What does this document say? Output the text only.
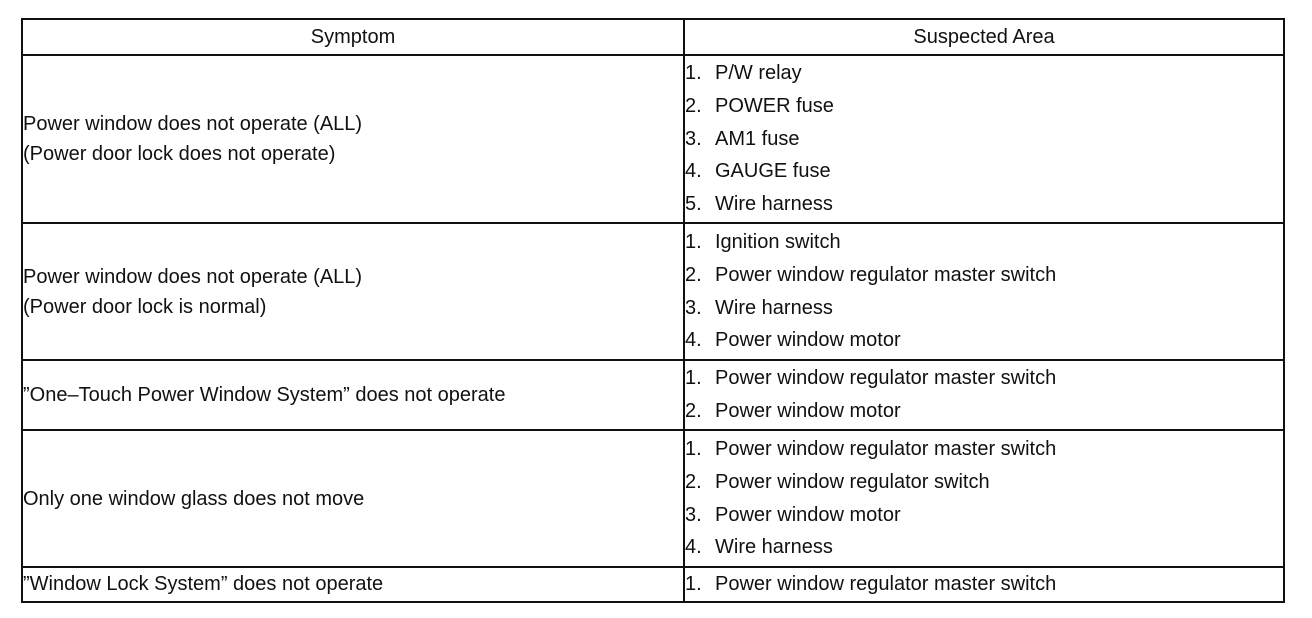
Symptom	Suspected Area

Power window does not operate (ALL)
(Power door lock does not operate)	1. P/W relay
2. POWER fuse
3. AM1 fuse
4. GAUGE fuse
5. Wire harness

Power window does not operate (ALL)
(Power door lock is normal)	1. Ignition switch
2. Power window regulator master switch
3. Wire harness
4. Power window motor

”One–Touch Power Window System” does not operate	1. Power window regulator master switch
2. Power window motor

Only one window glass does not move	1. Power window regulator master switch
2. Power window regulator switch
3. Power window motor
4. Wire harness

”Window Lock System” does not operate	1. Power window regulator master switch
